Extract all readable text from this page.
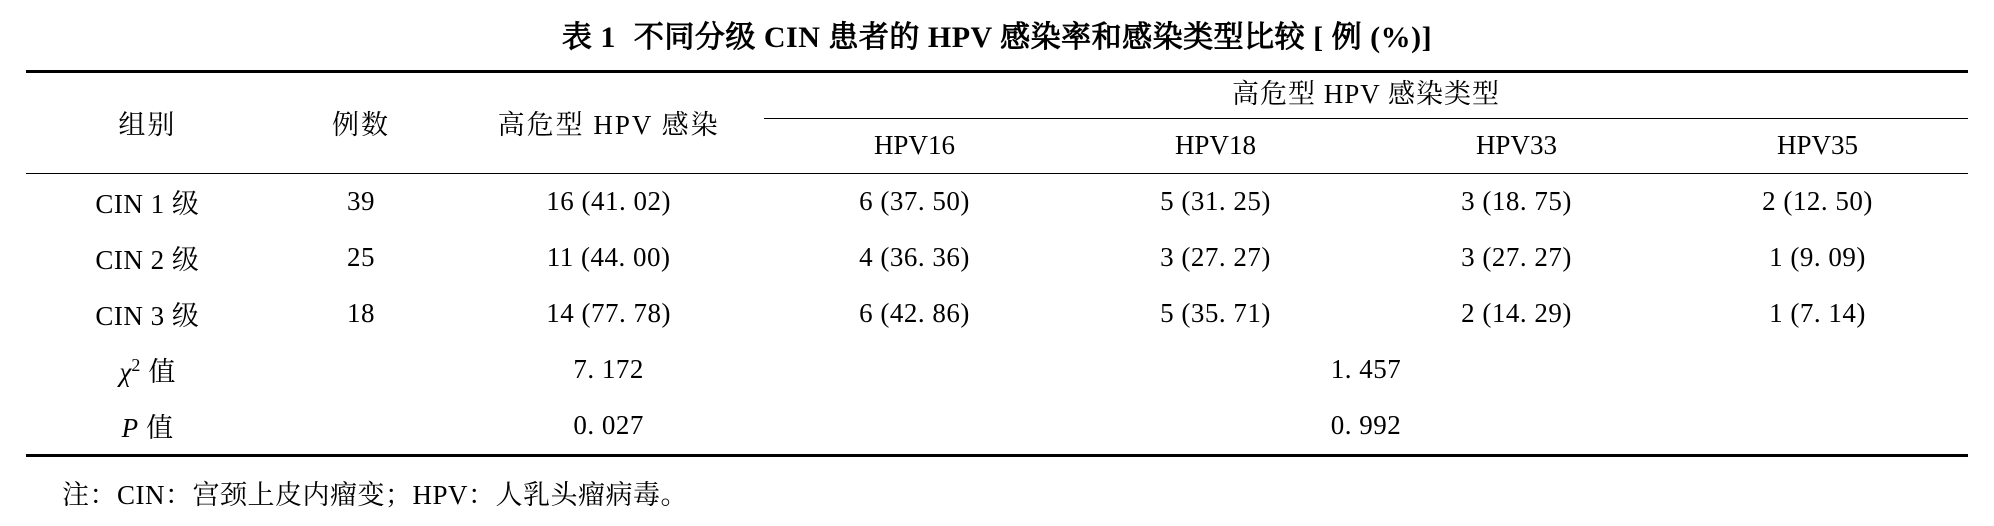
表 1 不同分级 CIN 患者的 HPV 感染率和感染类型比较 [ 例 (%)]

组别	例数	高危型 HPV 感染	高危型 HPV 感染类型			

			HPV16	HPV18	HPV33	HPV35

CIN 1 级	39	16 (41. 02)	6 (37. 50)	5 (31. 25)	3 (18. 75)	2 (12. 50)
CIN 2 级	25	11 (44. 00)	4 (36. 36)	3 (27. 27)	3 (27. 27)	1 (9. 09)
CIN 3 级	18	14 (77. 78)	6 (42. 86)	5 (35. 71)	2 (14. 29)	1 (7. 14)
$\chi^2$ 值		7. 172		1. 457		
P 值		0. 027		0. 992		

注：CIN：宫颈上皮内瘤变；HPV：人乳头瘤病毒。
